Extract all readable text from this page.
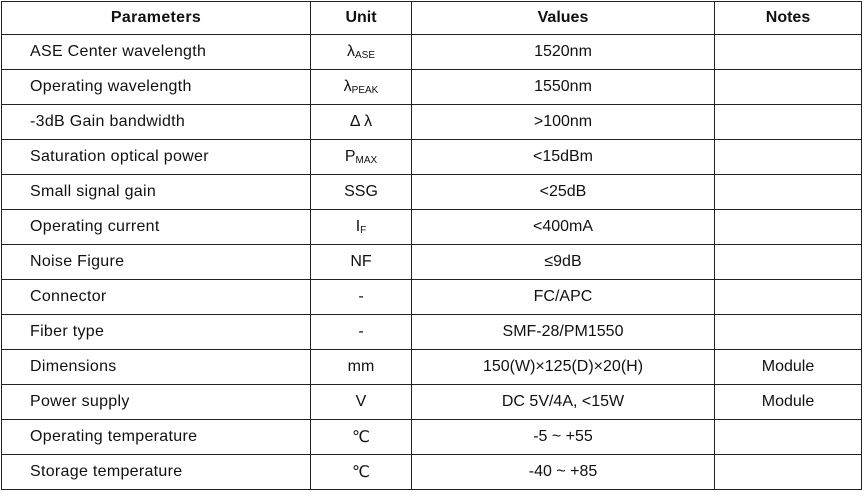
Parameters	Unit	Values	Notes
ASE Center wavelength	λASE	1520nm	
Operating wavelength	λPEAK	1550nm	
-3dB Gain bandwidth	Δ λ	>100nm	
Saturation optical power	PMAX	<15dBm	
Small signal gain	SSG	<25dB	
Operating current	IF	<400mA	
Noise Figure	NF	≤9dB	
Connector	-	FC/APC	
Fiber type	-	SMF-28/PM1550	
Dimensions	mm	150(W)×125(D)×20(H)	Module
Power supply	V	DC 5V/4A, <15W	Module
Operating temperature	℃	-5 ~ +55	
Storage temperature	℃	-40 ~ +85	
